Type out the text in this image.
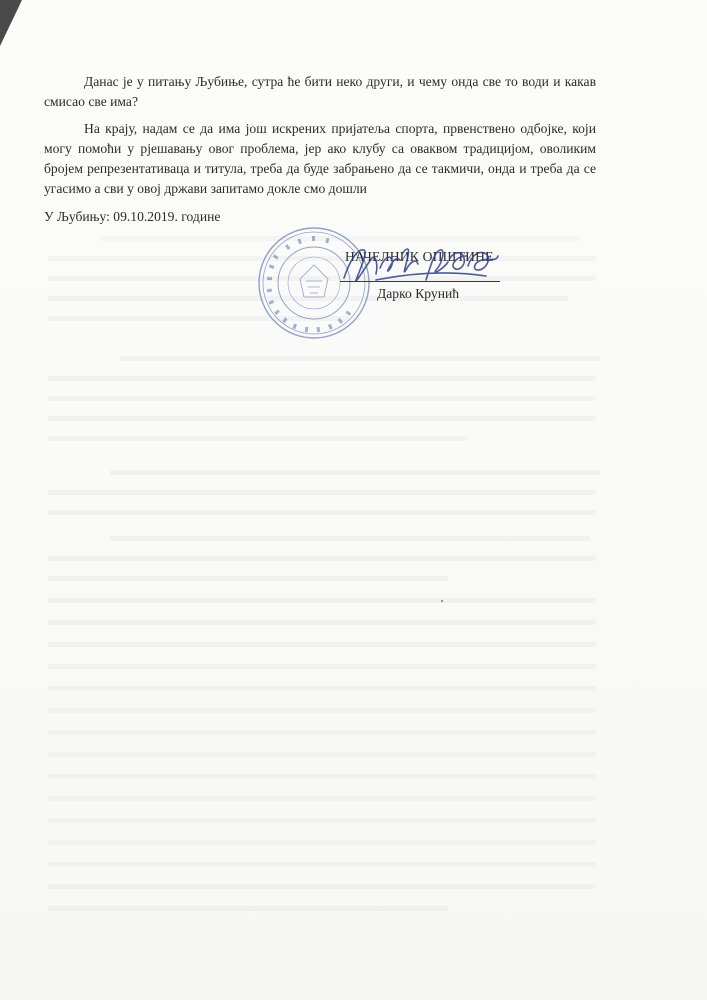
Данас је у питању Љубиње, сутра ће бити неко други, и чему онда све то води и какав смисао све има?
На крају, надам се да има још искрених пријатеља спорта, првенствено одбојке, који могу помоћи у рјешавању овог проблема, јер ако клубу са оваквом традицијом, оволиким бројем репрезентативаца и титула, треба да буде забрањено да се такмичи, онда и треба да се угасимо а сви у овој држави запитамо докле смо дошли
У Љубињу: 09.10.2019. године
НАЧЕЛНИК ОПШТИНЕ
Дарко Крунић
